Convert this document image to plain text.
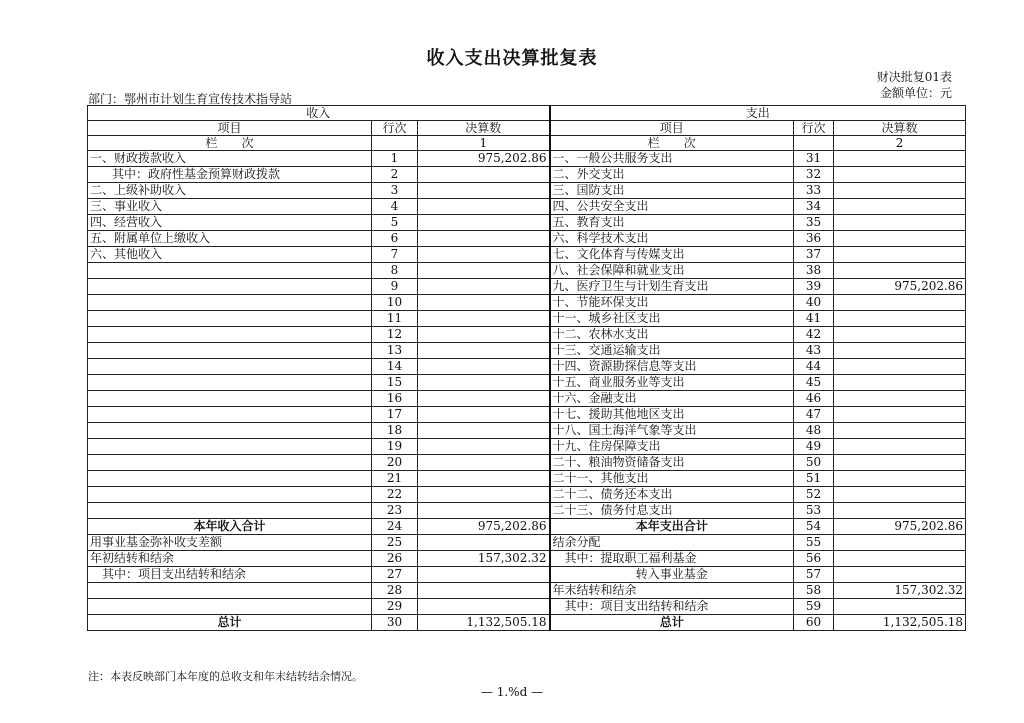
收入支出决算批复表
财决批复01表
金额单位：元
部门：鄂州市计划生育宣传技术指导站
收入			支出		
项目	行次	决算数	项目	行次	决算数
栏　　次		1	栏　　次		2
一、财政拨款收入	1	975,202.86	一、一般公共服务支出	31	
其中：政府性基金预算财政拨款	2		二、外交支出	32	
二、上级补助收入	3		三、国防支出	33	
三、事业收入	4		四、公共安全支出	34	
四、经营收入	5		五、教育支出	35	
五、附属单位上缴收入	6		六、科学技术支出	36	
六、其他收入	7		七、文化体育与传媒支出	37	
	8		八、社会保障和就业支出	38	
	9		九、医疗卫生与计划生育支出	39	975,202.86
	10		十、节能环保支出	40	
	11		十一、城乡社区支出	41	
	12		十二、农林水支出	42	
	13		十三、交通运输支出	43	
	14		十四、资源勘探信息等支出	44	
	15		十五、商业服务业等支出	45	
	16		十六、金融支出	46	
	17		十七、援助其他地区支出	47	
	18		十八、国土海洋气象等支出	48	
	19		十九、住房保障支出	49	
	20		二十、粮油物资储备支出	50	
	21		二十一、其他支出	51	
	22		二十二、债务还本支出	52	
	23		二十三、债务付息支出	53	
本年收入合计	24	975,202.86	本年支出合计	54	975,202.86
用事业基金弥补收支差额	25		结余分配	55	
年初结转和结余	26	157,302.32	其中：提取职工福利基金	56	
其中：项目支出结转和结余	27		转入事业基金	57	
	28		年末结转和结余	58	157,302.32
	29		其中：项目支出结转和结余	59	
总计	30	1,132,505.18	总计	60	1,132,505.18
注：本表反映部门本年度的总收支和年末结转结余情况。
— 1.%d —
